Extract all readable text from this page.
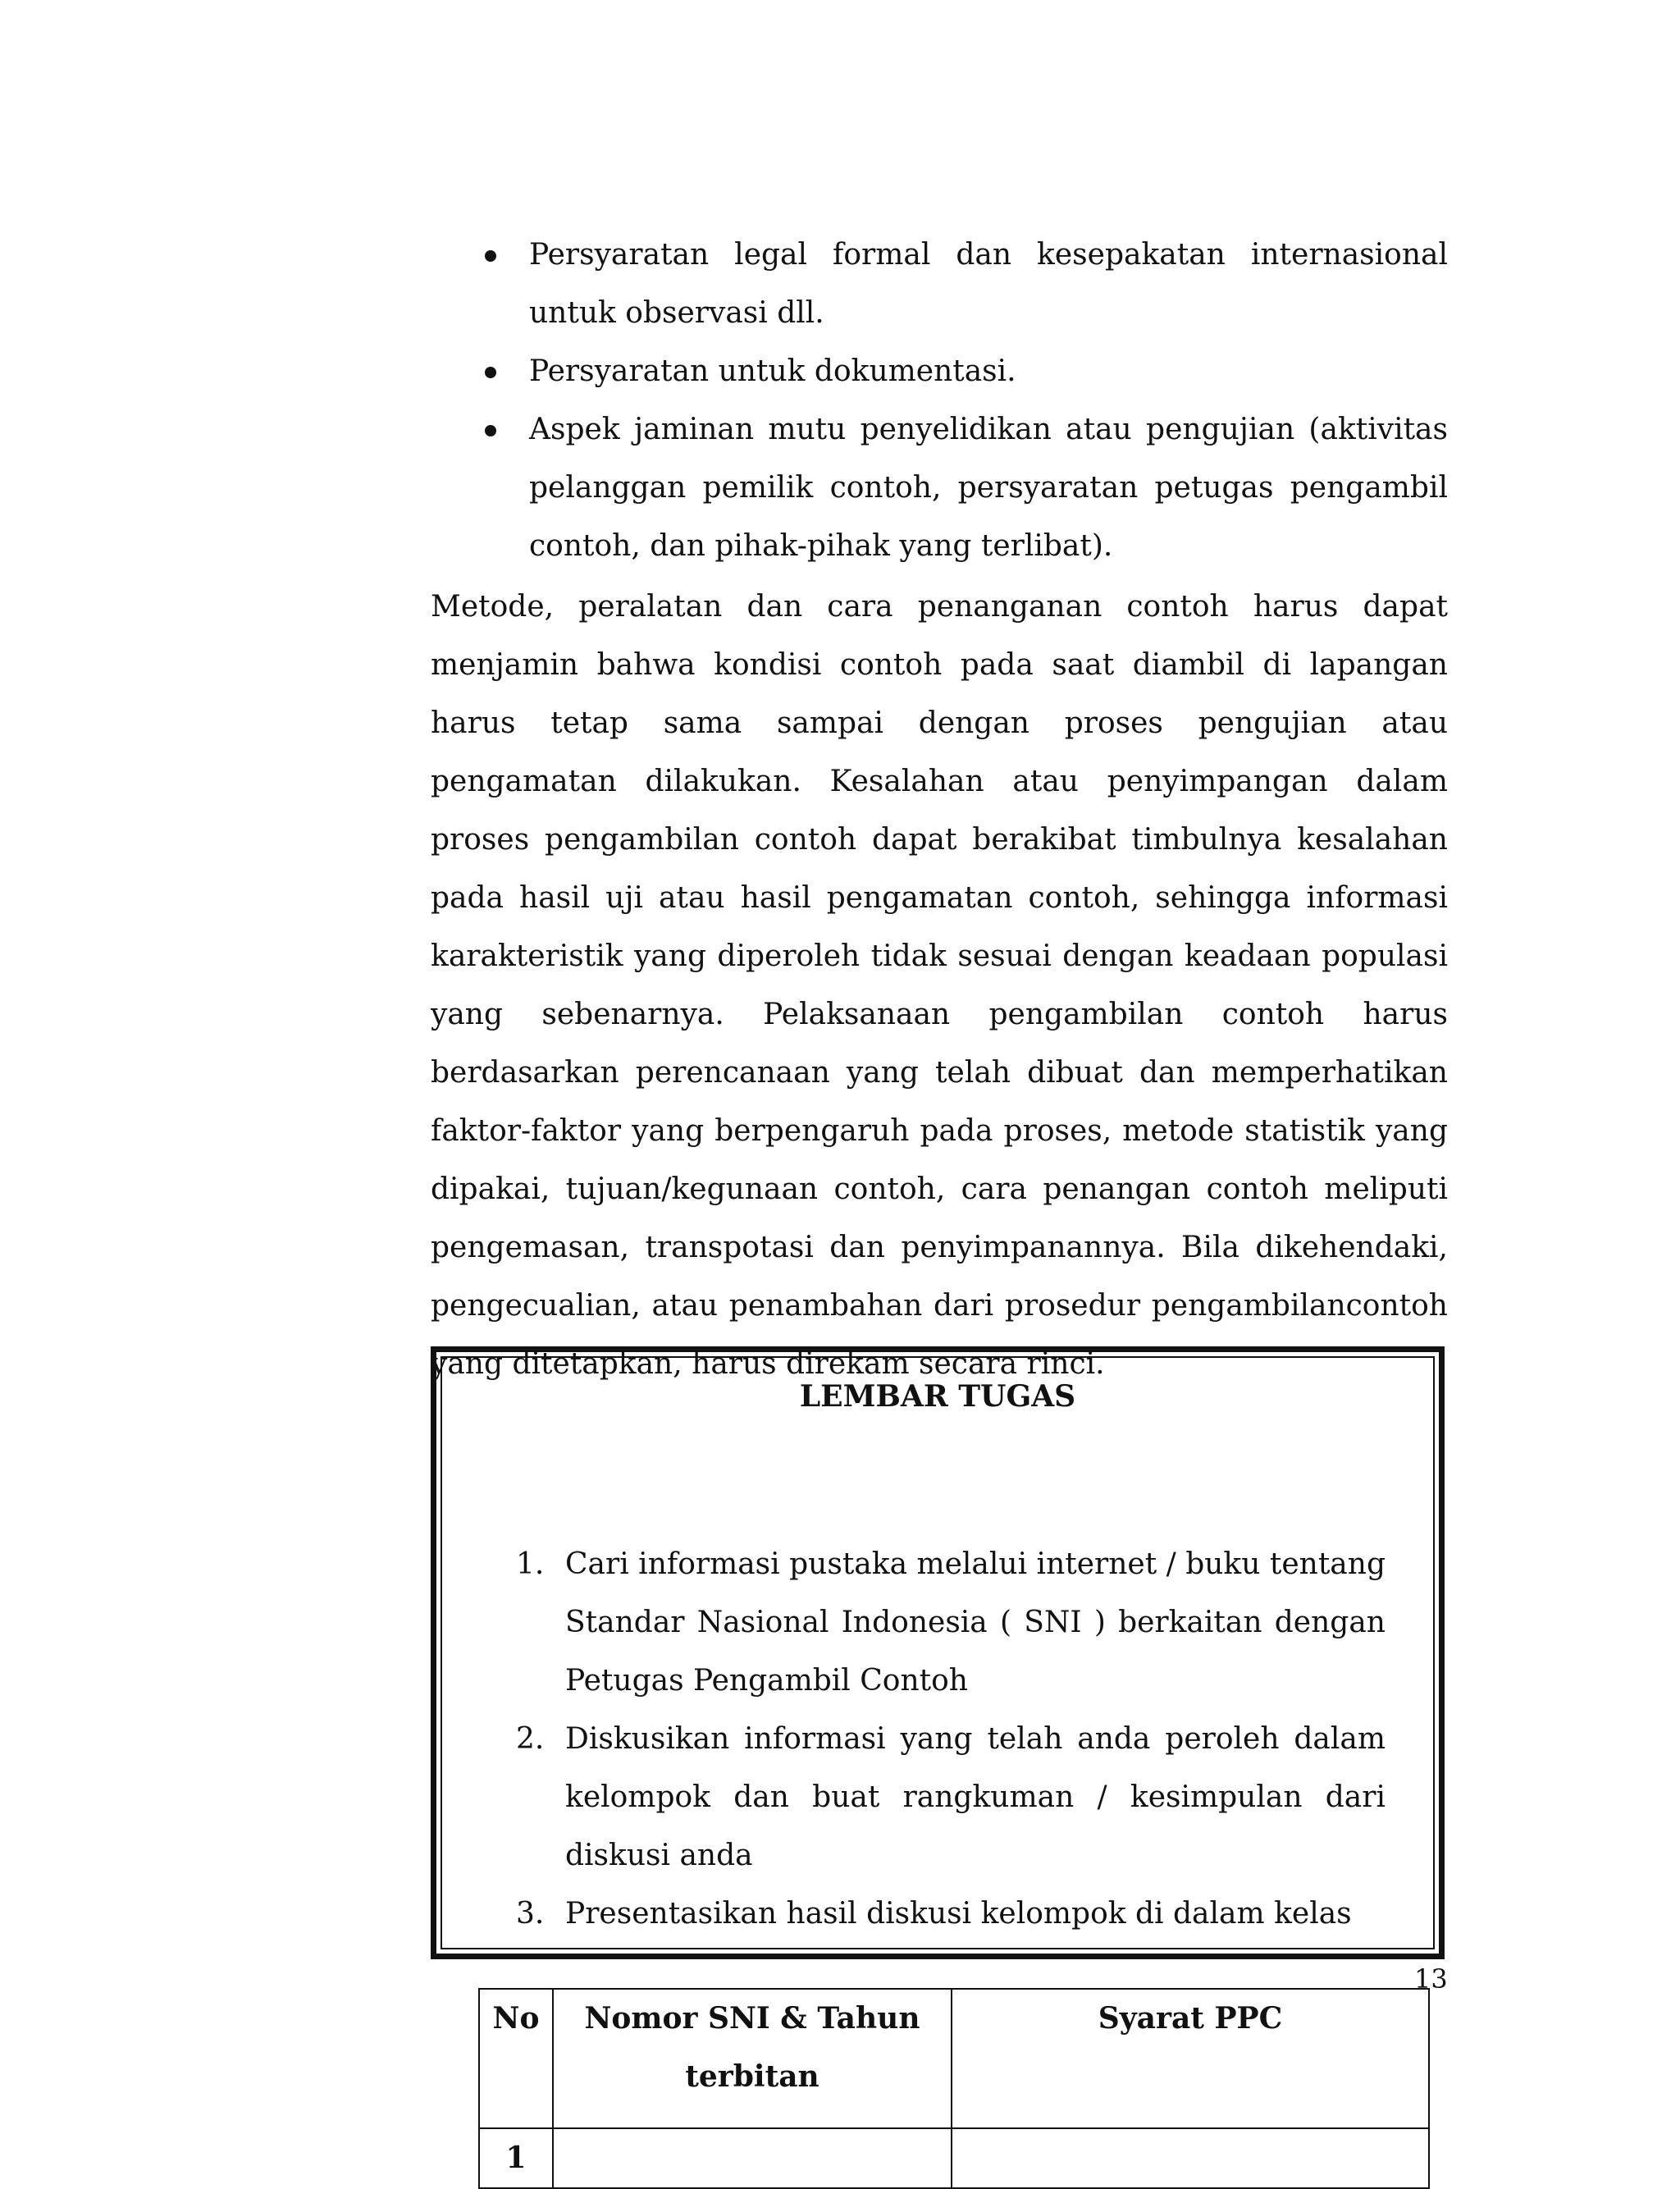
Persyaratan legal formal dan kesepakatan internasional untuk observasi dll.
Persyaratan untuk dokumentasi.
Aspek jaminan mutu penyelidikan atau pengujian (aktivitas pelanggan pemilik contoh, persyaratan petugas pengambil contoh, dan pihak-pihak yang terlibat).

Metode, peralatan dan cara penanganan contoh harus dapat menjamin bahwa kondisi contoh pada saat diambil di lapangan harus tetap sama sampai dengan proses pengujian atau pengamatan dilakukan. Kesalahan atau penyimpangan dalam proses pengambilan contoh dapat berakibat timbulnya kesalahan pada hasil uji atau hasil pengamatan contoh, sehingga informasi karakteristik yang diperoleh tidak sesuai dengan keadaan populasi yang sebenarnya. Pelaksanaan pengambilan contoh harus berdasarkan perencanaan yang telah dibuat dan memperhatikan faktor-faktor yang berpengaruh pada proses, metode statistik yang dipakai, tujuan/kegunaan contoh, cara penangan contoh meliputi pengemasan, transpotasi dan penyimpanannya. Bila dikehendaki, pengecualian, atau penambahan dari prosedur pengambilancontoh yang ditetapkan, harus direkam secara rinci.

LEMBAR TUGAS
1. Cari informasi pustaka melalui internet / buku tentang Standar Nasional Indonesia ( SNI ) berkaitan dengan Petugas Pengambil Contoh
2. Diskusikan informasi yang telah anda peroleh dalam kelompok dan buat rangkuman / kesimpulan dari diskusi anda
3. Presentasikan hasil diskusi kelompok di dalam kelas
13
No	Nomor SNI & Tahun terbitan	Syarat PPC
1		
